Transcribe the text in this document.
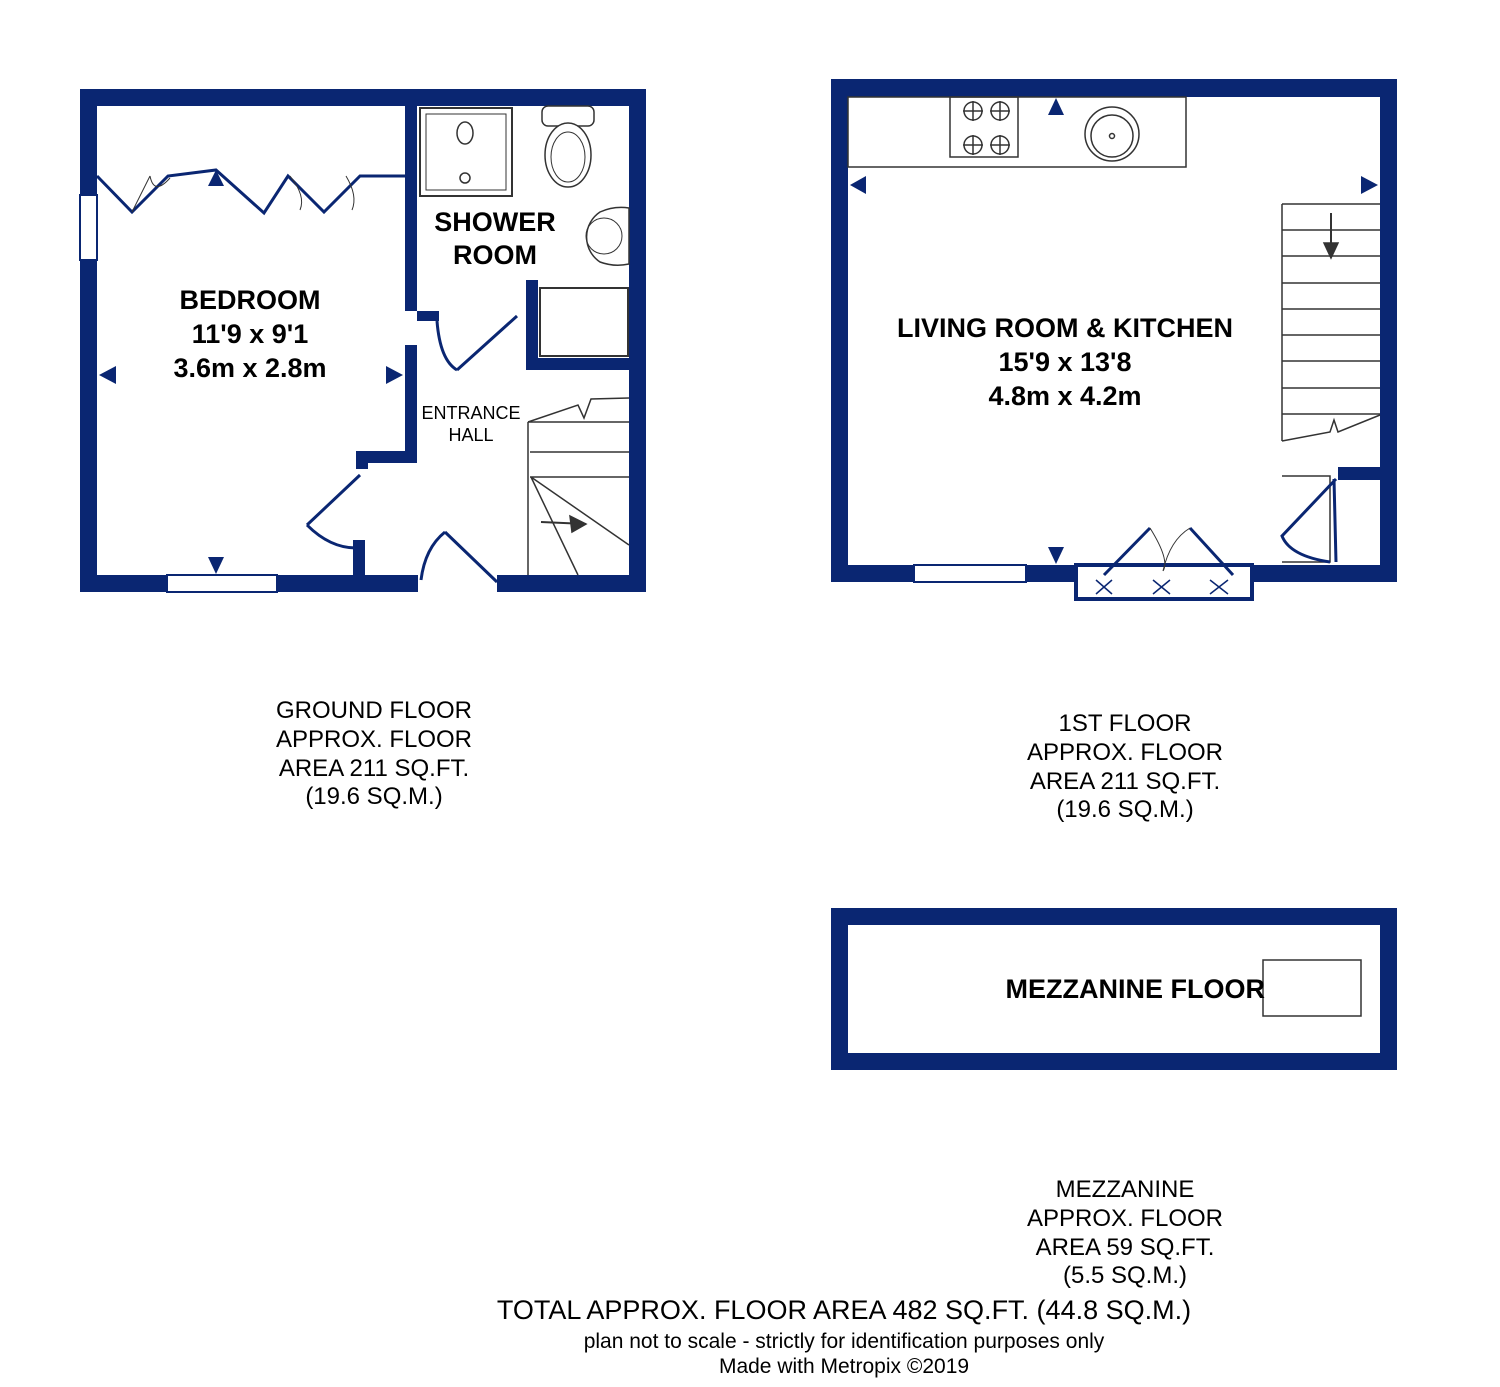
BEDROOM
11'9 x 9'1
3.6m x 2.8m
SHOWER
ROOM
ENTRANCE
HALL
LIVING ROOM & KITCHEN
15'9 x 13'8
4.8m x 4.2m
MEZZANINE FLOOR
GROUND FLOOR
APPROX. FLOOR
AREA 211 SQ.FT.
(19.6 SQ.M.)
1ST FLOOR
APPROX. FLOOR
AREA 211 SQ.FT.
(19.6 SQ.M.)
MEZZANINE
APPROX. FLOOR
AREA 59 SQ.FT.
(5.5 SQ.M.)
TOTAL APPROX. FLOOR AREA 482 SQ.FT. (44.8 SQ.M.)
plan not to scale - strictly for identification purposes only
Made with Metropix ©2019
